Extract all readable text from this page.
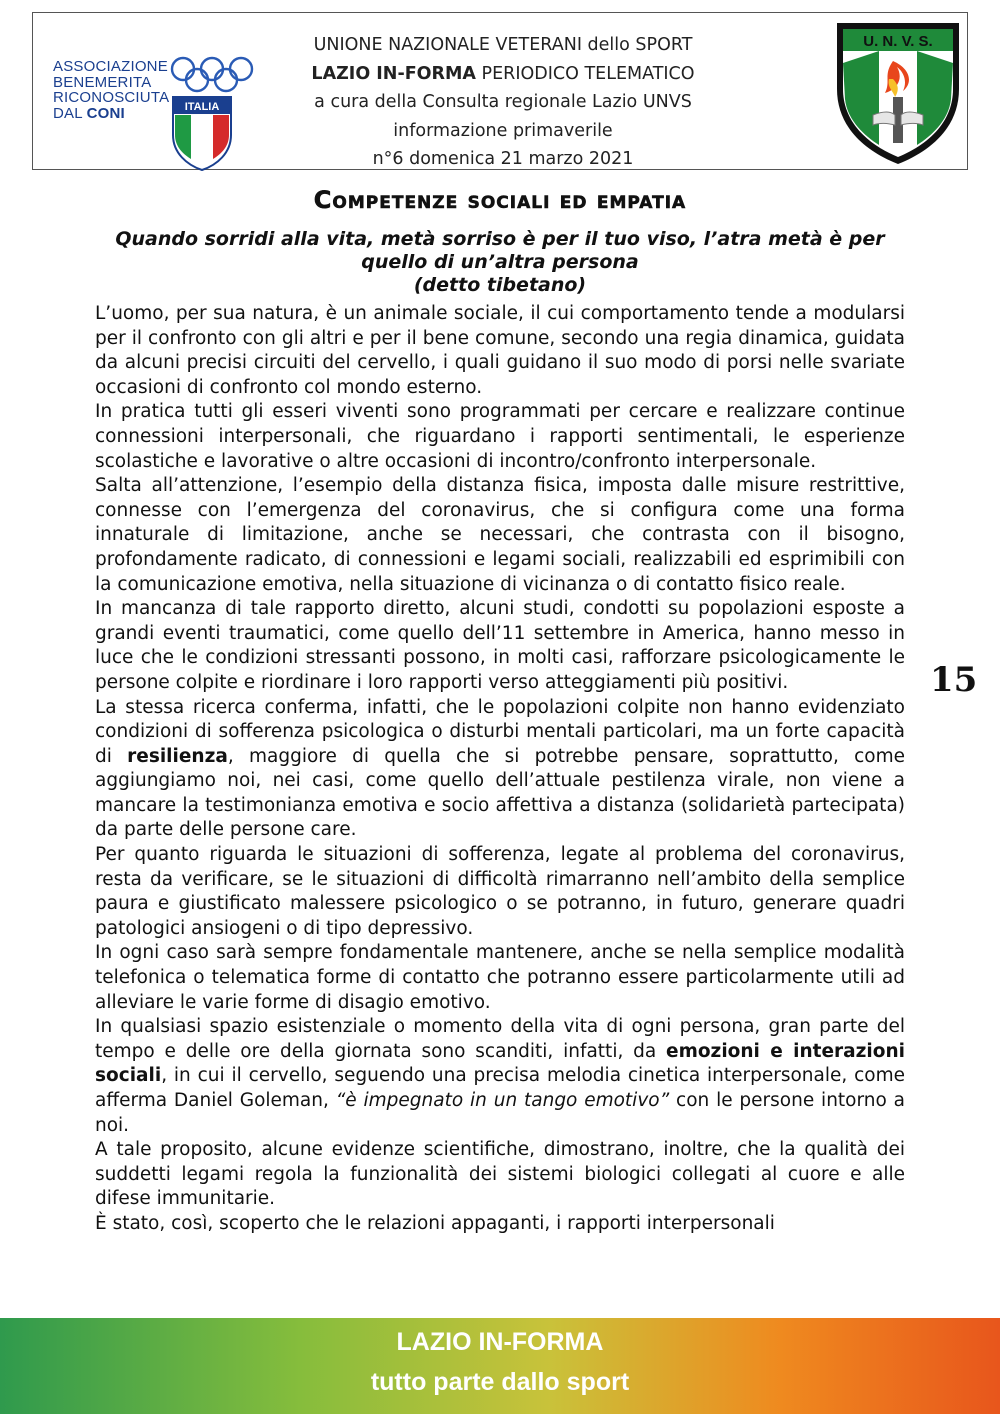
ASSOCIAZIONE
BENEMERITA
RICONOSCIUTA
DAL CONI	ITALIA
UNIONE NAZIONALE VETERANI dello SPORT
LAZIO IN-FORMA PERIODICO TELEMATICO
a cura della Consulta regionale Lazio UNVS
informazione primaverile
n°6 domenica 21 marzo 2021
U. N. V. S.
Competenze sociali ed empatia
Quando sorridi alla vita, metà sorriso è per il tuo viso, l’atra metà è per
quello di un’altra persona
(detto tibetano)

L’uomo, per sua natura, è un animale sociale, il cui comportamento tende a modularsi per il confronto con gli altri e per il bene comune, secondo una regia dinamica, guidata da alcuni precisi circuiti del cervello, i quali guidano il suo modo di porsi nelle svariate occasioni di confronto col mondo esterno.

In pratica tutti gli esseri viventi sono programmati per cercare e realizzare continue connessioni interpersonali, che riguardano i rapporti sentimentali, le esperienze scolastiche e lavorative o altre occasioni di incontro/confronto interpersonale.

Salta all’attenzione, l’esempio della distanza fisica, imposta dalle misure restrittive, connesse con l’emergenza del coronavirus, che si configura come una forma innaturale di limitazione, anche se necessari, che contrasta con il bisogno, profondamente radicato, di connessioni e legami sociali, realizzabili ed esprimibili con la comunicazione emotiva, nella situazione di vicinanza o di contatto fisico reale.

In mancanza di tale rapporto diretto, alcuni studi, condotti su popolazioni esposte a grandi eventi traumatici, come quello dell’11 settembre in America, hanno messo in luce che le condizioni stressanti possono, in molti casi, rafforzare psicologicamente le persone colpite e riordinare i loro rapporti verso atteggiamenti più positivi.

La stessa ricerca conferma, infatti, che le popolazioni colpite non hanno evidenziato condizioni di sofferenza psicologica o disturbi mentali particolari, ma un forte capacità di resilienza, maggiore di quella che si potrebbe pensare, soprattutto, come aggiungiamo noi, nei casi, come quello dell’attuale pestilenza virale, non viene a mancare la testimonianza emotiva e socio affettiva a distanza (solidarietà partecipata) da parte delle persone care.

Per quanto riguarda le situazioni di sofferenza, legate al problema del coronavirus, resta da verificare, se le situazioni di difficoltà rimarranno nell’ambito della semplice paura e giustificato malessere psicologico o se potranno, in futuro, generare quadri patologici ansiogeni o di tipo depressivo.

In ogni caso sarà sempre fondamentale mantenere, anche se nella semplice modalità telefonica o telematica forme di contatto che potranno essere particolarmente utili ad alleviare le varie forme di disagio emotivo.

In qualsiasi spazio esistenziale o momento della vita di ogni persona, gran parte del tempo e delle ore della giornata sono scanditi, infatti, da emozioni e interazioni sociali, in cui il cervello, seguendo una precisa melodia cinetica interpersonale, come afferma Daniel Goleman, “è impegnato in un tango emotivo” con le persone intorno a noi.

A tale proposito, alcune evidenze scientifiche, dimostrano, inoltre, che la qualità dei suddetti legami regola la funzionalità dei sistemi biologici collegati al cuore e alle difese immunitarie.

È stato, così, scoperto che le relazioni appaganti, i rapporti interpersonali

15
LAZIO IN-FORMA
tutto parte dallo sport
